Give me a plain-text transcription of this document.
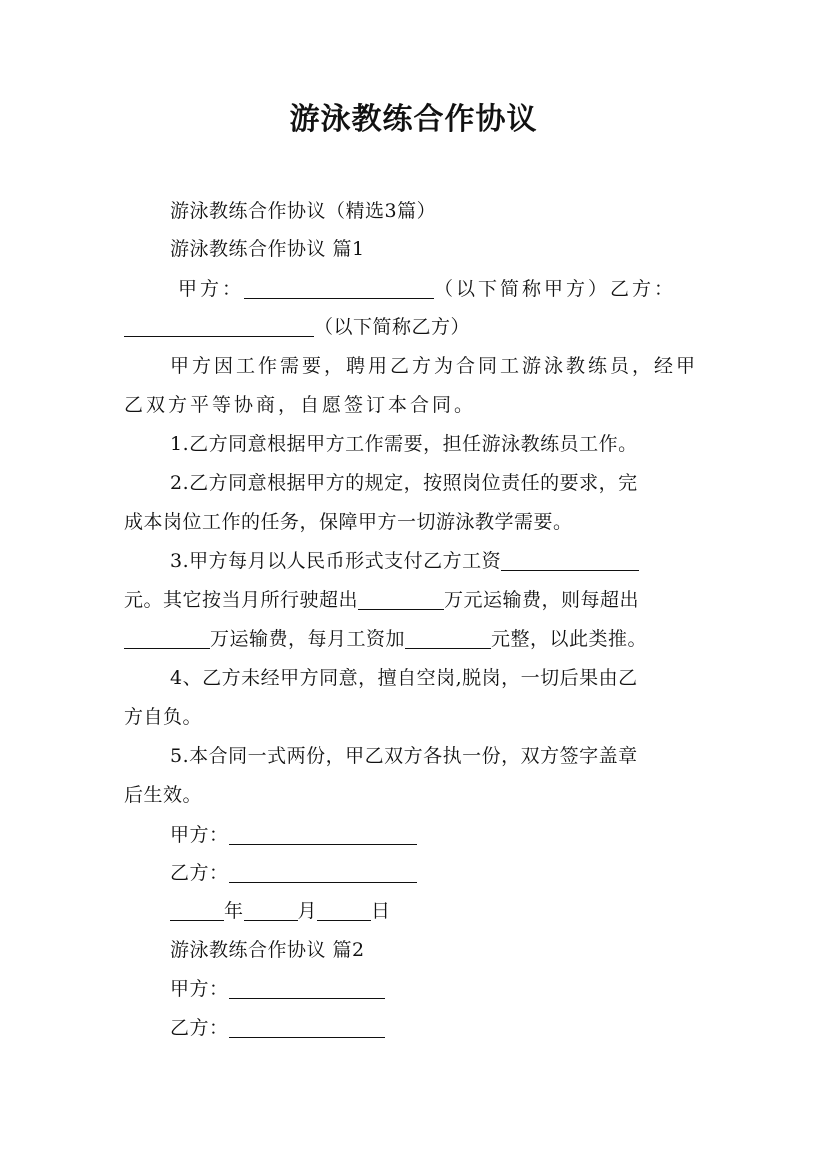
游泳教练合作协议
游泳教练合作协议（精选3篇）
游泳教练合作协议 篇1
甲方：	（以下简称甲方）乙方：
（以下简称乙方）
甲方因工作需要，聘用乙方为合同工游泳教练员，经甲
乙双方平等协商，自愿签订本合同。
1.乙方同意根据甲方工作需要，担任游泳教练员工作。
2.乙方同意根据甲方的规定，按照岗位责任的要求，完
成本岗位工作的任务，保障甲方一切游泳教学需要。
3.甲方每月以人民币形式支付乙方工资
元。其它按当月所行驶超出	万元运输费，则每超出
万运输费，每月工资加	元整，以此类推。
4、乙方未经甲方同意，擅自空岗,脱岗，一切后果由乙
方自负。
5.本合同一式两份，甲乙双方各执一份，双方签字盖章
后生效。
甲方：
乙方：
年	月	日
游泳教练合作协议 篇2
甲方：
乙方：
